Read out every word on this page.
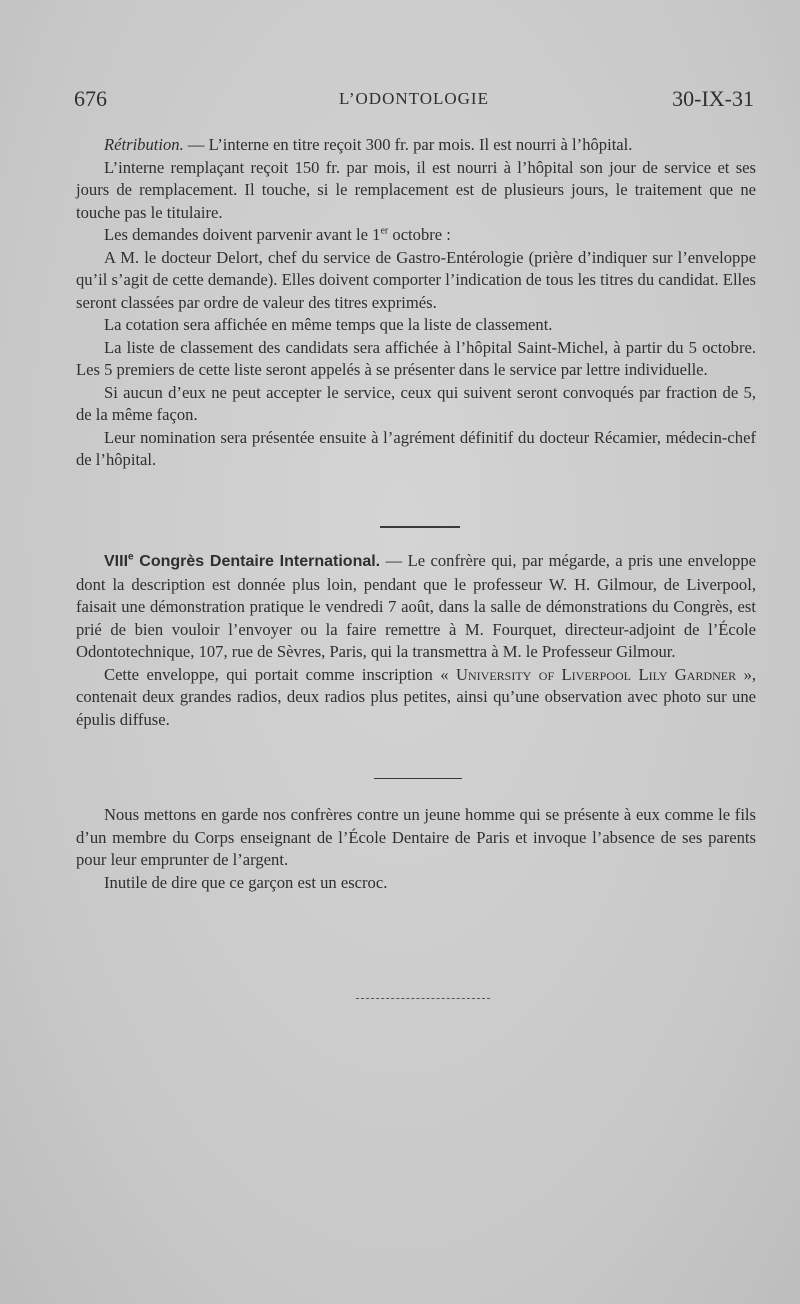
676	L’ODONTOLOGIE	30-IX-31

Rétribution. — L’interne en titre reçoit 300 fr. par mois. Il est nourri à l’hôpital.

L’interne remplaçant reçoit 150 fr. par mois, il est nourri à l’hôpital son jour de service et ses jours de remplacement. Il touche, si le remplacement est de plusieurs jours, le traitement que ne touche pas le titulaire.

Les demandes doivent parvenir avant le 1er octobre :

A M. le docteur Delort, chef du service de Gastro-Entérologie (prière d’indiquer sur l’enveloppe qu’il s’agit de cette demande). Elles doivent comporter l’indication de tous les titres du candidat. Elles seront classées par ordre de valeur des titres exprimés.

La cotation sera affichée en même temps que la liste de classement.

La liste de classement des candidats sera affichée à l’hôpital Saint-Michel, à partir du 5 octobre. Les 5 premiers de cette liste seront appelés à se présenter dans le service par lettre individuelle.

Si aucun d’eux ne peut accepter le service, ceux qui suivent seront convoqués par fraction de 5, de la même façon.

Leur nomination sera présentée ensuite à l’agrément définitif du docteur Récamier, médecin-chef de l’hôpital.

VIIIe Congrès Dentaire International. — Le confrère qui, par mégarde, a pris une enveloppe dont la description est donnée plus loin, pendant que le professeur W. H. Gilmour, de Liverpool, faisait une démonstration pratique le vendredi 7 août, dans la salle de démonstrations du Congrès, est prié de bien vouloir l’envoyer ou la faire remettre à M. Fourquet, directeur-adjoint de l’École Odontotechnique, 107, rue de Sèvres, Paris, qui la transmettra à M. le Professeur Gilmour.

Cette enveloppe, qui portait comme inscription « University of Liverpool Lily Gardner », contenait deux grandes radios, deux radios plus petites, ainsi qu’une observation avec photo sur une épulis diffuse.

Nous mettons en garde nos confrères contre un jeune homme qui se présente à eux comme le fils d’un membre du Corps enseignant de l’École Dentaire de Paris et invoque l’absence de ses parents pour leur emprunter de l’argent.

Inutile de dire que ce garçon est un escroc.
